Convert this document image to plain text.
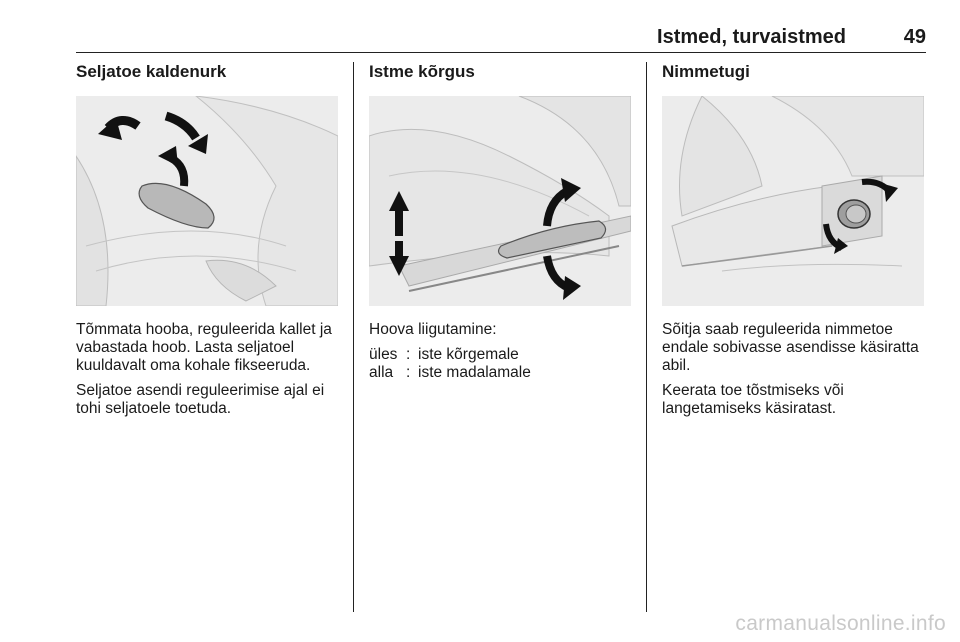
Istmed, turvaistmed	49
Seljatoe kaldenurk

Tõmmata hooba, reguleerida kallet ja vabastada hoob. Lasta seljatoel kuuldavalt oma kohale fikseeruda.

Seljatoe asendi reguleerimise ajal ei tohi seljatoele toetuda.

Istme kõrgus

Hoova liigutamine:

üles : iste kõrgemale
alla : iste madalamale
Nimmetugi

Sõitja saab reguleerida nimmetoe endale sobivasse asendisse käsiratta abil.

Keerata toe tõstmiseks või langetamiseks käsiratast.

carmanualsonline.info
